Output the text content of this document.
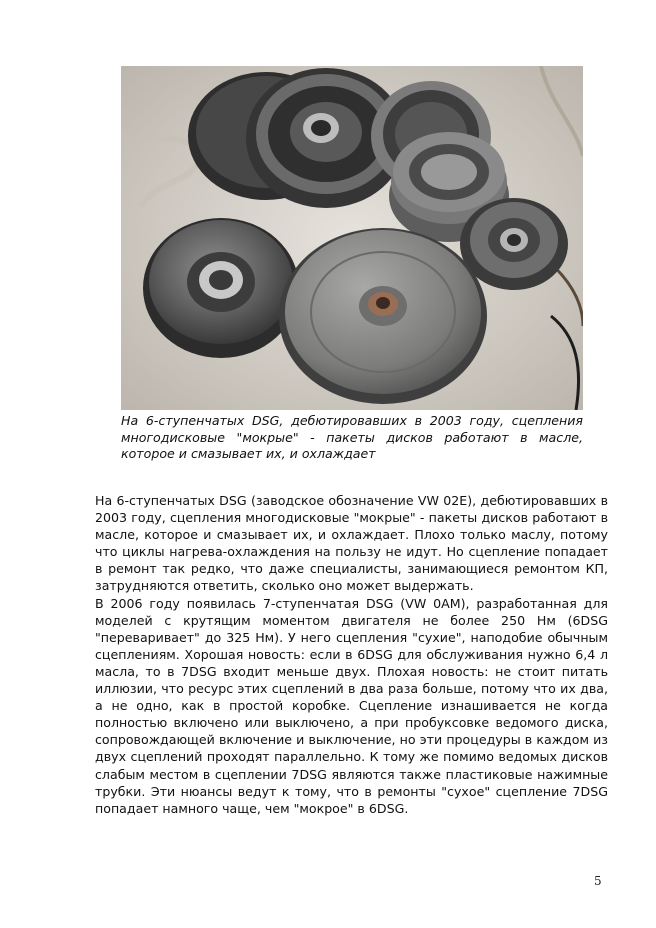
На 6-ступенчатых DSG, дебютировавших в 2003 году, сцепления многодисковые "мокрые" - пакеты дисков работают в масле, которое и смазывает их, и охлаждает

На 6-ступенчатых DSG (заводское обозначение VW 02E), дебютировавших в 2003 году, сцепления многодисковые "мокрые" - пакеты дисков работают в масле, которое и смазывает их, и охлаждает. Плохо только маслу, потому что циклы нагрева-охлаждения на пользу не идут. Но сцепление попадает в ремонт так редко, что даже специалисты, занимающиеся ремонтом КП, затрудняются ответить, сколько оно может выдержать.

В 2006 году появилась 7-ступенчатая DSG (VW 0AM), разработанная для моделей с крутящим моментом двигателя не более 250 Нм (6DSG "переваривает" до 325 Нм). У него сцепления "сухие", наподобие обычным сцеплениям. Хорошая новость: если в 6DSG для обслуживания нужно 6,4 л масла, то в 7DSG входит меньше двух. Плохая новость: не стоит питать иллюзии, что ресурс этих сцеплений в два раза больше, потому что их два, а не одно, как в простой коробке. Сцепление изнашивается не когда полностью включено или выключено, а при пробуксовке ведомого диска, сопровождающей включение и выключение, но эти процедуры в каждом из двух сцеплений проходят параллельно. К тому же помимо ведомых дисков слабым местом в сцеплении 7DSG являются также пластиковые нажимные трубки. Эти нюансы ведут к тому, что в ремонты "сухое" сцепление 7DSG попадает намного чаще, чем "мокрое" в 6DSG.

5
